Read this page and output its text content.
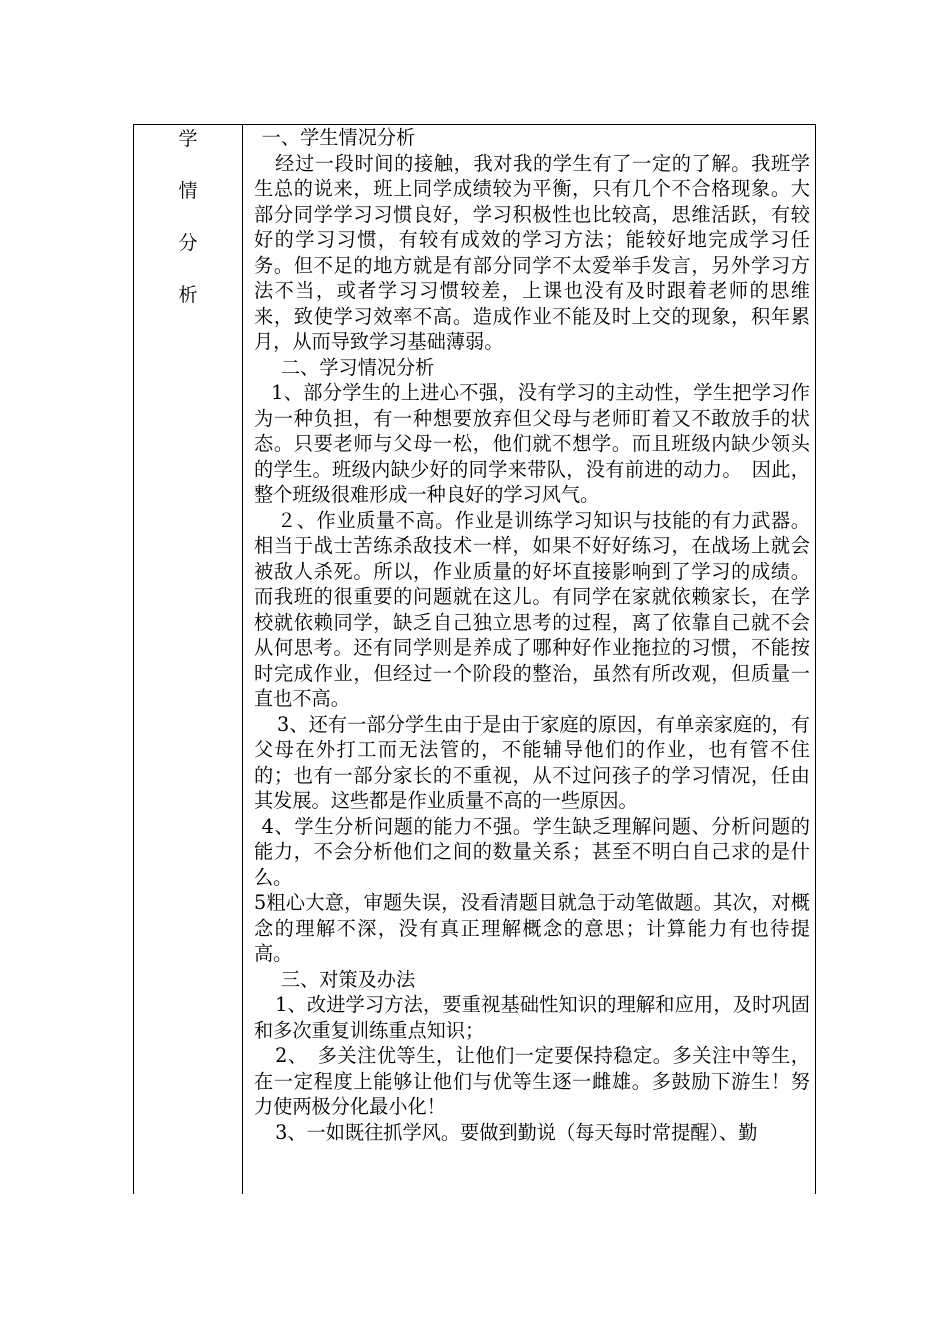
学
情
分
析

一、学生情况分析

经过一段时间的接触，我对我的学生有了一定的了解。我班学生总的说来，班上同学成绩较为平衡，只有几个不合格现象。大部分同学学习习惯良好，学习积极性也比较高，思维活跃，有较好的学习习惯，有较有成效的学习方法；能较好地完成学习任务。但不足的地方就是有部分同学不太爱举手发言，另外学习方法不当，或者学习习惯较差，上课也没有及时跟着老师的思维来，致使学习效率不高。造成作业不能及时上交的现象，积年累月，从而导致学习基础薄弱。

二、学习情况分析

1、部分学生的上进心不强，没有学习的主动性，学生把学习作为一种负担，有一种想要放弃但父母与老师盯着又不敢放手的状态。只要老师与父母一松，他们就不想学。而且班级内缺少领头的学生。班级内缺少好的同学来带队，没有前进的动力。　因此，整个班级很难形成一种良好的学习风气。

２、作业质量不高。作业是训练学习知识与技能的有力武器。相当于战士苦练杀敌技术一样，如果不好好练习，在战场上就会被敌人杀死。所以，作业质量的好坏直接影响到了学习的成绩。而我班的很重要的问题就在这儿。有同学在家就依赖家长，在学校就依赖同学，缺乏自己独立思考的过程，离了依靠自己就不会从何思考。还有同学则是养成了哪种好作业拖拉的习惯，不能按时完成作业，但经过一个阶段的整治，虽然有所改观，但质量一直也不高。

3、还有一部分学生由于是由于家庭的原因，有单亲家庭的，有父母在外打工而无法管的，不能辅导他们的作业，也有管不住的；也有一部分家长的不重视，从不过问孩子的学习情况，任由其发展。这些都是作业质量不高的一些原因。

4、学生分析问题的能力不强。学生缺乏理解问题、分析问题的能力，不会分析他们之间的数量关系；甚至不明白自己求的是什么。

5粗心大意，审题失误，没看清题目就急于动笔做题。其次，对概念的理解不深，没有真正理解概念的意思；计算能力有也待提高。

三、对策及办法

1、改进学习方法，要重视基础性知识的理解和应用，及时巩固和多次重复训练重点知识；

2、　多关注优等生，让他们一定要保持稳定。多关注中等生，在一定程度上能够让他们与优等生逐一雌雄。多鼓励下游生！努力使两极分化最小化！

3、一如既往抓学风。要做到勤说（每天每时常提醒）、勤
